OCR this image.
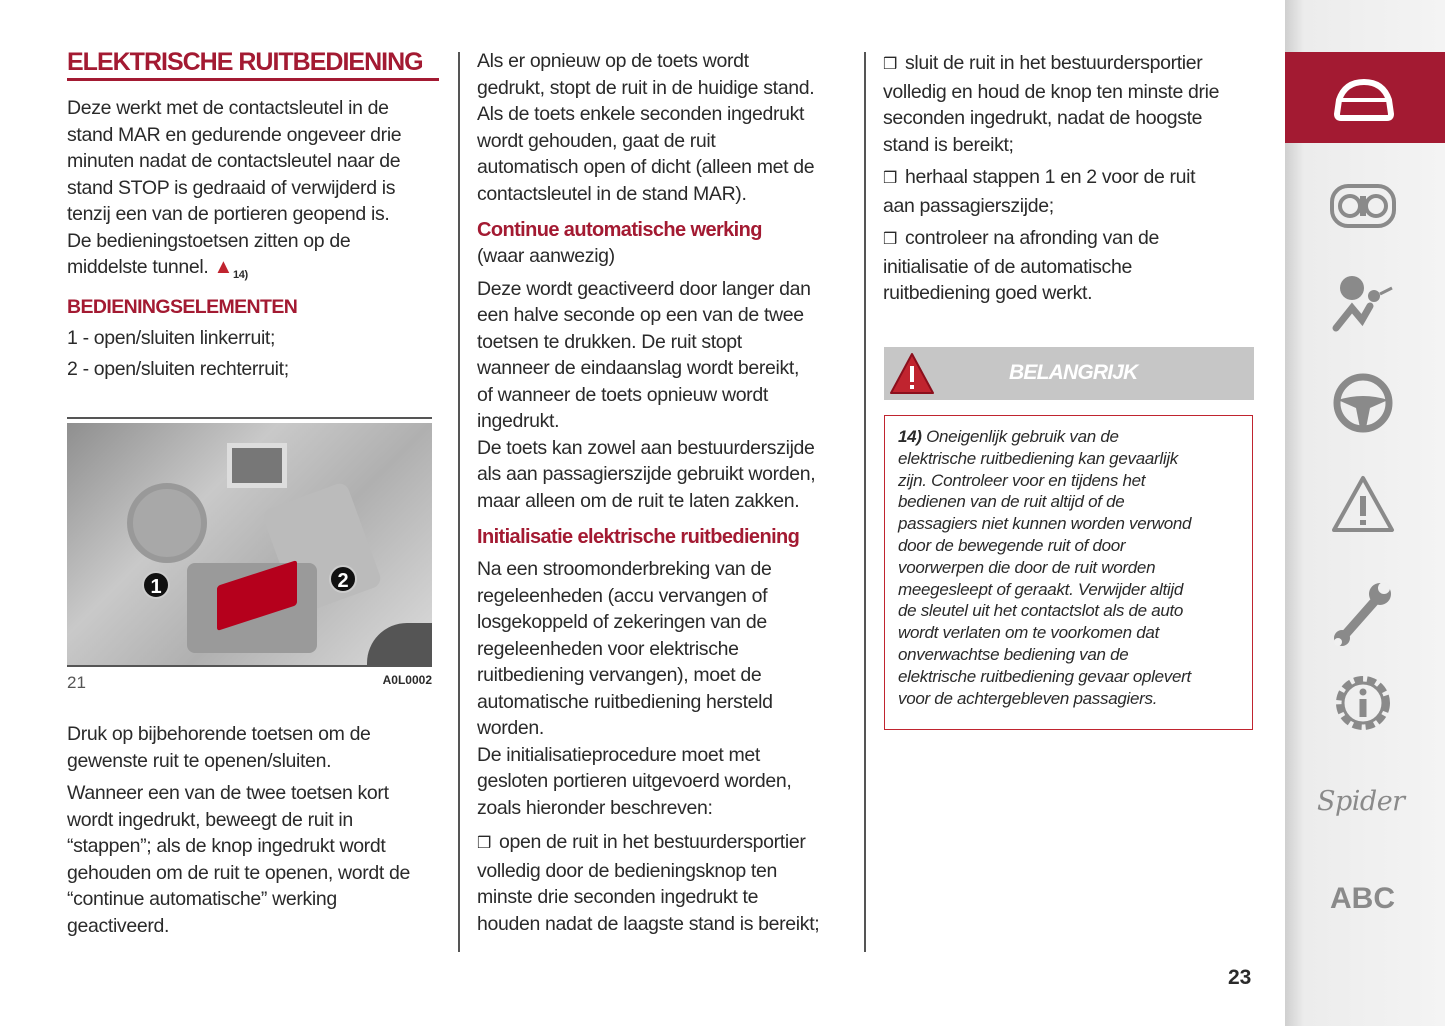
ELEKTRISCHE RUITBEDIENING
Deze werkt met de contactsleutel in de
stand MAR en gedurende ongeveer drie
minuten nadat de contactsleutel naar de
stand STOP is gedraaid of verwijderd is
tenzij een van de portieren geopend is.
De bedieningstoetsen zitten op de
middelste tunnel. $▲_{14)}$
BEDIENINGSELEMENTEN
1 - open/sluiten linkerruit;
2 - open/sluiten rechterruit;
1	2
21	A0L0002
Druk op bijbehorende toetsen om de
gewenste ruit te openen/sluiten.
Wanneer een van de twee toetsen kort
wordt ingedrukt, beweegt de ruit in
“stappen”; als de knop ingedrukt wordt
gehouden om de ruit te openen, wordt de
“continue automatische” werking
geactiveerd.
Als er opnieuw op de toets wordt
gedrukt, stopt de ruit in de huidige stand.
Als de toets enkele seconden ingedrukt
wordt gehouden, gaat de ruit
automatisch open of dicht (alleen met de
contactsleutel in de stand MAR).
Continue automatische werking
(waar aanwezig)
Deze wordt geactiveerd door langer dan
een halve seconde op een van de twee
toetsen te drukken. De ruit stopt
wanneer de eindaanslag wordt bereikt,
of wanneer de toets opnieuw wordt
ingedrukt.
De toets kan zowel aan bestuurderszijde
als aan passagierszijde gebruikt worden,
maar alleen om de ruit te laten zakken.
Initialisatie elektrische ruitbediening
Na een stroomonderbreking van de
regeleenheden (accu vervangen of
losgekoppeld of zekeringen van de
regeleenheden voor elektrische
ruitbediening vervangen), moet de
automatische ruitbediening hersteld
worden.
De initialisatieprocedure moet met
gesloten portieren uitgevoerd worden,
zoals hieronder beschreven:
❒ open de ruit in het bestuurdersportier
volledig door de bedieningsknop ten
minste drie seconden ingedrukt te
houden nadat de laagste stand is bereikt;
❒ sluit de ruit in het bestuurdersportier
volledig en houd de knop ten minste drie
seconden ingedrukt, nadat de hoogste
stand is bereikt;
❒ herhaal stappen 1 en 2 voor de ruit
aan passagierszijde;
❒ controleer na afronding van de
initialisatie of de automatische
ruitbediening goed werkt.
BELANGRIJK
14) Oneigenlijk gebruik van de
elektrische ruitbediening kan gevaarlijk
zijn. Controleer voor en tijdens het
bedienen van de ruit altijd of de
passagiers niet kunnen worden verwond
door de bewegende ruit of door
voorwerpen die door de ruit worden
meegesleept of geraakt. Verwijder altijd
de sleutel uit het contactslot als de auto
wordt verlaten om te voorkomen dat
onverwachtse bediening van de
elektrische ruitbediening gevaar oplevert
voor de achtergebleven passagiers.
23
Spider
ABC
